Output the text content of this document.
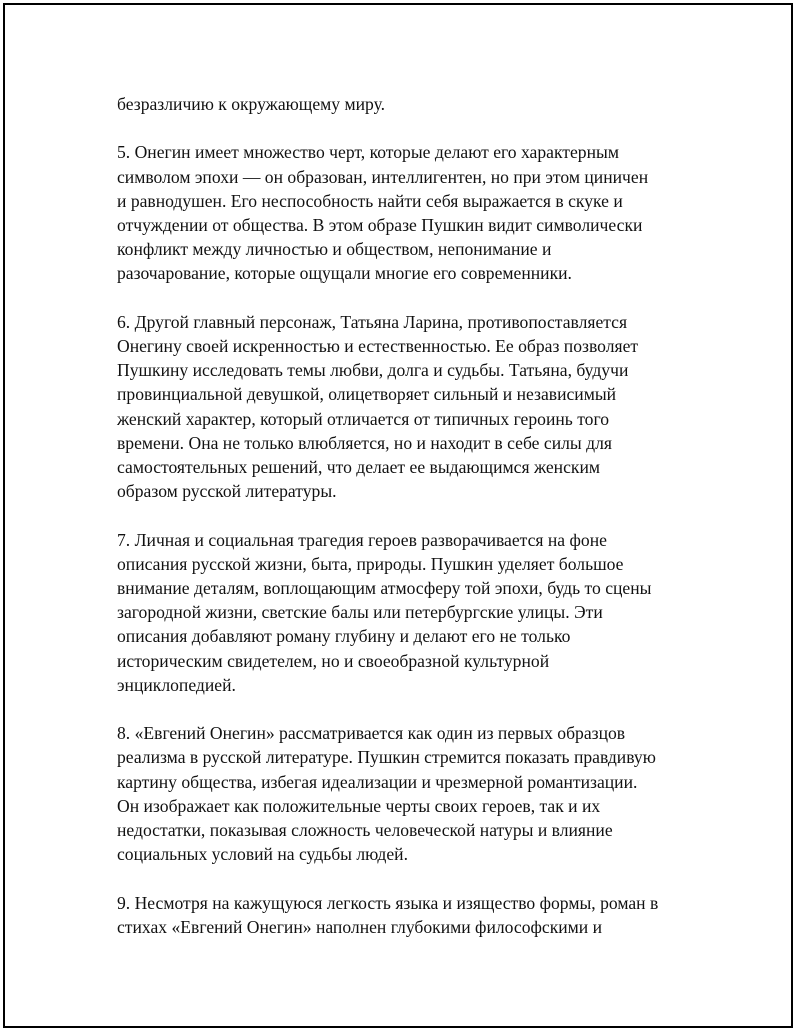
безразличию к окружающему миру.

5. Онегин имеет множество черт, которые делают его характерным
символом эпохи — он образован, интеллигентен, но при этом циничен
и равнодушен. Его неспособность найти себя выражается в скуке и
отчуждении от общества. В этом образе Пушкин видит символически
конфликт между личностью и обществом, непонимание и
разочарование, которые ощущали многие его современники.

6. Другой главный персонаж, Татьяна Ларина, противопоставляется
Онегину своей искренностью и естественностью. Ее образ позволяет
Пушкину исследовать темы любви, долга и судьбы. Татьяна, будучи
провинциальной девушкой, олицетворяет сильный и независимый
женский характер, который отличается от типичных героинь того
времени. Она не только влюбляется, но и находит в себе силы для
самостоятельных решений, что делает ее выдающимся женским
образом русской литературы.

7. Личная и социальная трагедия героев разворачивается на фоне
описания русской жизни, быта, природы. Пушкин уделяет большое
внимание деталям, воплощающим атмосферу той эпохи, будь то сцены
загородной жизни, светские балы или петербургские улицы. Эти
описания добавляют роману глубину и делают его не только
историческим свидетелем, но и своеобразной культурной
энциклопедией.

8. «Евгений Онегин» рассматривается как один из первых образцов
реализма в русской литературе. Пушкин стремится показать правдивую
картину общества, избегая идеализации и чрезмерной романтизации.
Он изображает как положительные черты своих героев, так и их
недостатки, показывая сложность человеческой натуры и влияние
социальных условий на судьбы людей.

9. Несмотря на кажущуюся легкость языка и изящество формы, роман в
стихах «Евгений Онегин» наполнен глубокими философскими и
